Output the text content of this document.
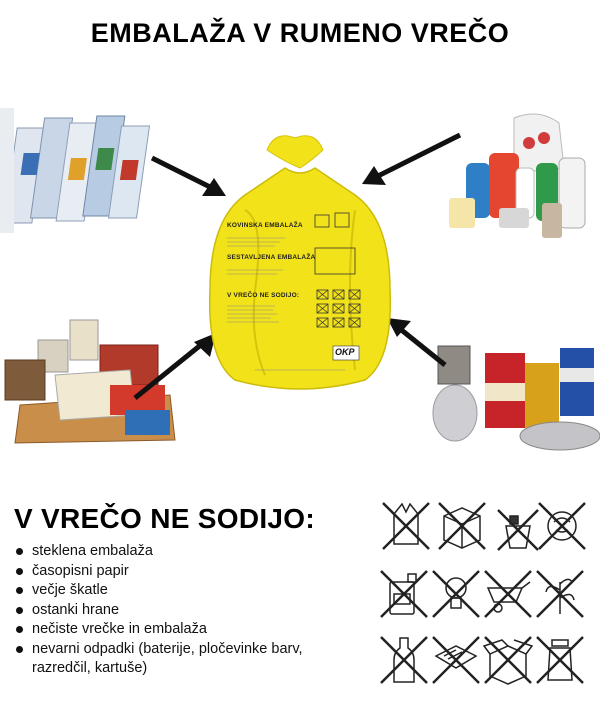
EMBALAŽA V RUMENO VREČO
KOVINSKA EMBALAŽA
SESTAVLJENA EMBALAŽA
V VREČO NE SODIJO:
OKP
V VREČO NE SODIJO:
steklena embalaža
časopisni papir
večje škatle
ostanki hrane
nečiste vrečke in embalaža
nevarni odpadki (baterije, pločevinke barv, razredčil, kartuše)
